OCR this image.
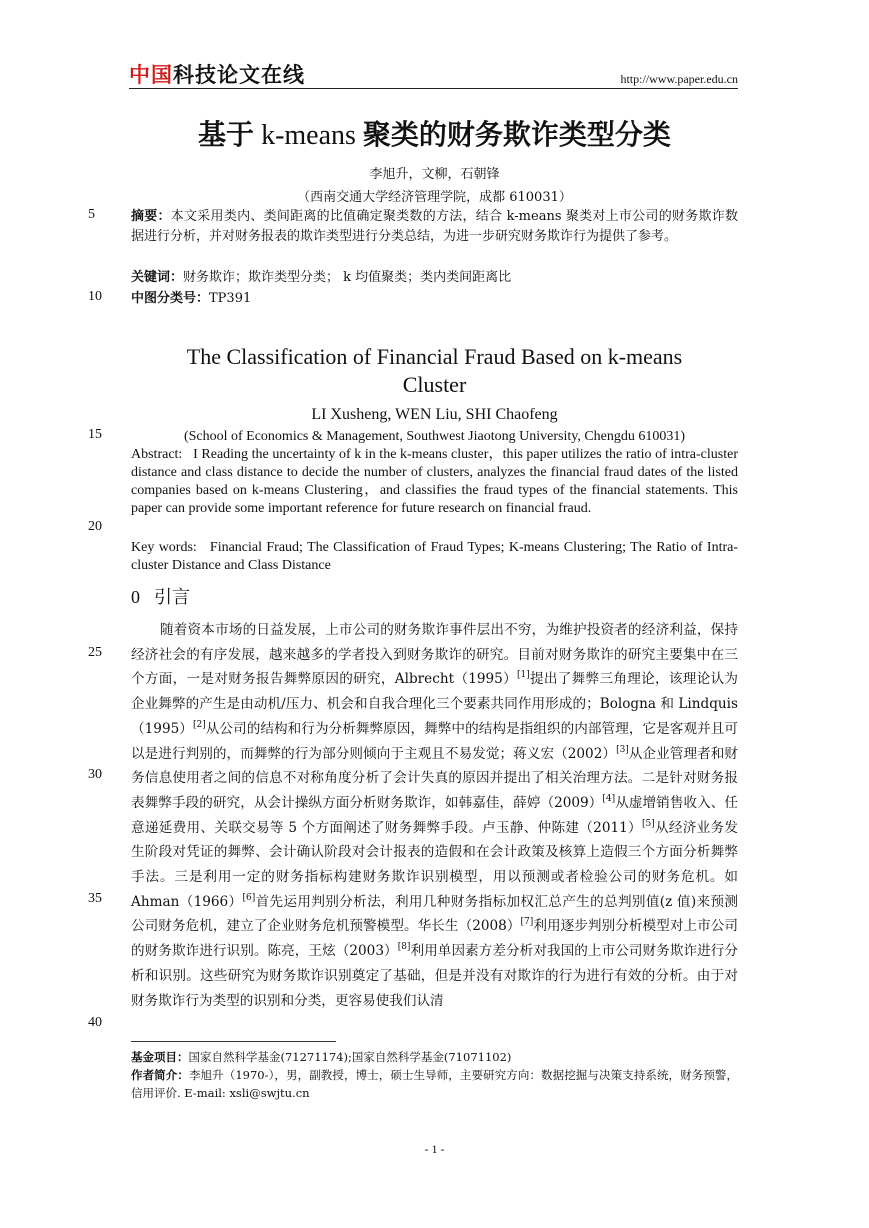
中国科技论文在线	http://www.paper.edu.cn
基于 k-means 聚类的财务欺诈类型分类
李旭升，文柳，石朝锋
（西南交通大学经济管理学院，成都 610031）
5
10
15
20
25
30
35
40
摘要：本文采用类内、类间距离的比值确定聚类数的方法，结合 k-means 聚类对上市公司的财务欺诈数据进行分析，并对财务报表的欺诈类型进行分类总结，为进一步研究财务欺诈行为提供了参考。
关键词：财务欺诈；欺诈类型分类； k 均值聚类；类内类间距离比
中图分类号：TP391
The Classification of Financial Fraud Based on k-means
Cluster
LI Xusheng, WEN Liu, SHI Chaofeng
(School of Economics & Management, Southwest Jiaotong University, Chengdu 610031)
Abstract: I Reading the uncertainty of k in the k-means cluster，this paper utilizes the ratio of intra-cluster distance and class distance to decide the number of clusters, analyzes the financial fraud dates of the listed companies based on k-means Clustering，and classifies the fraud types of the financial statements. This paper can provide some important reference for future research on financial fraud.
Key words: Financial Fraud; The Classification of Fraud Types; K-means Clustering; The Ratio of Intra-cluster Distance and Class Distance
0 引言

随着资本市场的日益发展，上市公司的财务欺诈事件层出不穷，为维护投资者的经济利益，保持经济社会的有序发展，越来越多的学者投入到财务欺诈的研究。目前对财务欺诈的研究主要集中在三个方面，一是对财务报告舞弊原因的研究，Albrecht（1995）[1]提出了舞弊三角理论，该理论认为企业舞弊的产生是由动机/压力、机会和自我合理化三个要素共同作用形成的；Bologna 和 Lindquis（1995）[2]从公司的结构和行为分析舞弊原因，舞弊中的结构是指组织的内部管理，它是客观并且可以是进行判别的，而舞弊的行为部分则倾向于主观且不易发觉；蒋义宏（2002）[3]从企业管理者和财务信息使用者之间的信息不对称角度分析了会计失真的原因并提出了相关治理方法。二是针对财务报表舞弊手段的研究，从会计操纵方面分析财务欺诈，如韩嘉佳，薛婷（2009）[4]从虚增销售收入、任意递延费用、关联交易等 5 个方面阐述了财务舞弊手段。卢玉静、仲陈建（2011）[5]从经济业务发生阶段对凭证的舞弊、会计确认阶段对会计报表的造假和在会计政策及核算上造假三个方面分析舞弊手法。三是利用一定的财务指标构建财务欺诈识别模型，用以预测或者检验公司的财务危机。如 Ahman（1966）[6]首先运用判别分析法，利用几种财务指标加权汇总产生的总判别值(z 值)来预测公司财务危机，建立了企业财务危机预警模型。华长生（2008）[7]利用逐步判别分析模型对上市公司的财务欺诈进行识别。陈亮，王炫（2003）[8]利用单因素方差分析对我国的上市公司财务欺诈进行分析和识别。这些研究为财务欺诈识别奠定了基础，但是并没有对欺诈的行为进行有效的分析。由于对财务欺诈行为类型的识别和分类，更容易使我们认清

基金项目：国家自然科学基金(71271174);国家自然科学基金(71071102)
作者简介：李旭升（1970-），男，副教授，博士，硕士生导师，主要研究方向：数据挖掘与决策支持系统，财务预警，信用评价. E-mail: xsli@swjtu.cn
- 1 -
